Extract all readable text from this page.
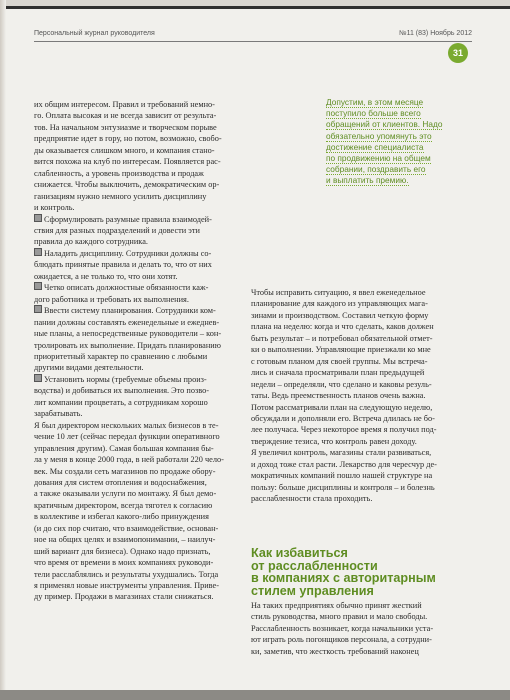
Персональный журнал руководителя	№11 (83) Ноябрь 2012
31

их общим интересом. Правил и требований немно-

го. Оплата высокая и не всегда зависит от результа-

тов. На начальном энтузиазме и творческом порыве

предприятие идет в гору, но потом, возможно, свобо-

ды оказывается слишком много, и компания стано-

вится похожа на клуб по интересам. Появляется рас-

слабленность, а уровень производства и продаж

снижается. Чтобы выключить, демократическим ор-

ганизациям нужно немного усилить дисциплину

и контроль.

Сформулировать разумные правила взаимодей-

ствия для разных подразделений и довести эти

правила до каждого сотрудника.

Наладить дисциплину. Сотрудники должны со-

блюдать принятые правила и делать то, что от них

ожидается, а не только то, что они хотят.

Четко описать должностные обязанности каж-

дого работника и требовать их выполнения.

Ввести систему планирования. Сотрудники ком-

пании должны составлять еженедельные и ежеднев-

ные планы, а непосредственные руководители – кон-

тролировать их выполнение. Придать планированию

приоритетный характер по сравнению с любыми

другими видами деятельности.

Установить нормы (требуемые объемы произ-

водства) и добиваться их выполнения. Это позво-

лит компании процветать, а сотрудникам хорошо

зарабатывать.

Я был директором нескольких малых бизнесов в те-

чение 10 лет (сейчас передал функции оперативного

управления другим). Самая большая компания бы-

ла у меня в конце 2000 года, в ней работали 220 чело-

век. Мы создали сеть магазинов по продаже обору-

дования для систем отопления и водоснабжения,

а также оказывали услуги по монтажу. Я был демо-

кратичным директором, всегда тяготел к согласию

в коллективе и избегал какого-либо принуждения

(и до сих пор считаю, что взаимодействие, основан-

ное на общих целях и взаимопонимании, – наилуч-

ший вариант для бизнеса). Однако надо признать,

что время от времени в моих компаниях руководи-

тели расслаблялись и результаты ухудшались. Тогда

я применял новые инструменты управления. Приве-

ду пример. Продажи в магазинах стали снижаться.

Допустим, в этом месяце
поступило больше всего
обращений от клиентов. Надо
обязательно упомянуть это
достижение специалиста
по продвижению на общем
собрании, поздравить его
и выплатить премию.

Чтобы исправить ситуацию, я ввел еженедельное

планирование для каждого из управляющих мага-

зинами и производством. Составил четкую форму

плана на неделю: когда и что сделать, каков должен

быть результат – и потребовал обязательной отмет-

ки о выполнении. Управляющие приезжали ко мне

с готовым планом для своей группы. Мы встреча-

лись и сначала просматривали план предыдущей

недели – определяли, что сделано и каковы резуль-

таты. Ведь преемственность планов очень важна.

Потом рассматривали план на следующую неделю,

обсуждали и дополняли его. Встреча длилась не бо-

лее получаса. Через некоторое время я получил под-

тверждение тезиса, что контроль равен доходу.

Я увеличил контроль, магазины стали развиваться,

и доход тоже стал расти. Лекарство для чересчур де-

мократичных компаний пошло нашей структуре на

пользу: больше дисциплины и контроля – и болезнь

расслабленности стала проходить.

Как избавиться
от расслабленности
в компаниях с авторитарным
стилем управления

На таких предприятиях обычно принят жесткий

стиль руководства, много правил и мало свободы.

Расслабленность возникает, когда начальники уста-

ют играть роль погонщиков персонала, а сотрудни-

ки, заметив, что жесткость требований наконец
